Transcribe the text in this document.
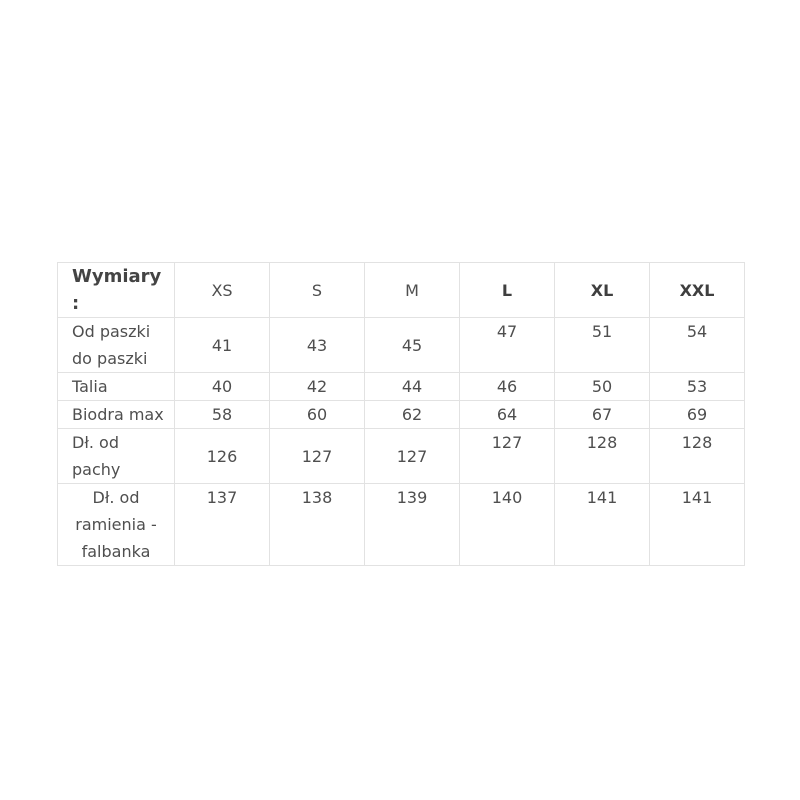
Wymiary :	XS	S	M	L	XL	XXL

Od paszki
do paszki	41	43	45	47	51	54
Talia	40	42	44	46	50	53
Biodra max	58	60	62	64	67	69

Dł. od
pachy	126	127	127	127	128	128

Dł. od
ramienia -
falbanka	137	138	139	140	141	141
